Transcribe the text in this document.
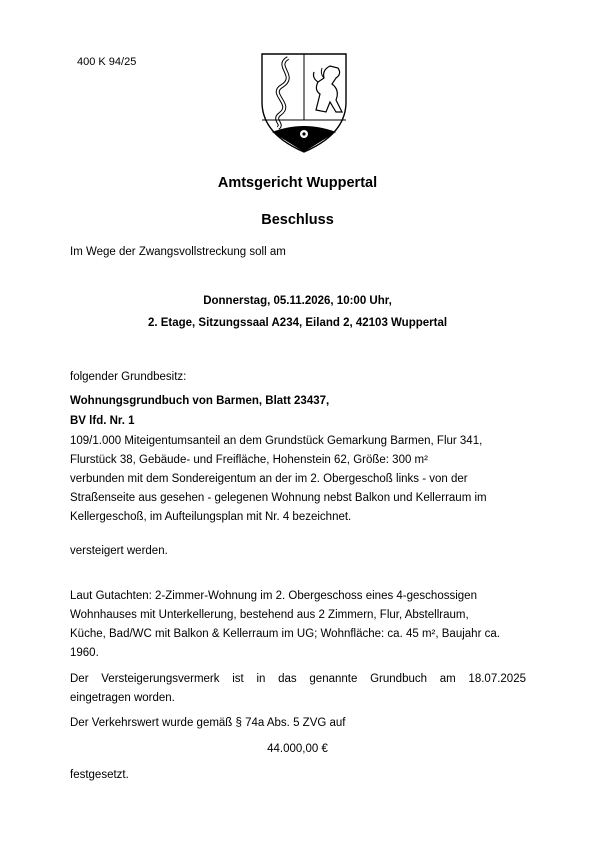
400 K 94/25
Amtsgericht Wuppertal
Beschluss
Im Wege der Zwangsvollstreckung soll am
Donnerstag, 05.11.2026, 10:00 Uhr,
2. Etage, Sitzungssaal A234, Eiland 2, 42103 Wuppertal
folgender Grundbesitz:
Wohnungsgrundbuch von Barmen, Blatt 23437,
BV lfd. Nr. 1
109/1.000 Miteigentumsanteil an dem Grundstück Gemarkung Barmen, Flur 341,
Flurstück 38, Gebäude- und Freifläche, Hohenstein 62, Größe: 300 m²
verbunden mit dem Sondereigentum an der im 2. Obergeschoß links - von der
Straßenseite aus gesehen - gelegenen Wohnung nebst Balkon und Kellerraum im
Kellergeschoß, im Aufteilungsplan mit Nr. 4 bezeichnet.
versteigert werden.
Laut Gutachten: 2-Zimmer-Wohnung im 2. Obergeschoss eines 4-geschossigen
Wohnhauses mit Unterkellerung, bestehend aus 2 Zimmern, Flur, Abstellraum,
Küche, Bad/WC mit Balkon & Kellerraum im UG; Wohnfläche: ca. 45 m², Baujahr ca.
1960.
Der Versteigerungsvermerk ist in das genannte Grundbuch am 18.07.2025
eingetragen worden.
Der Verkehrswert wurde gemäß § 74a Abs. 5 ZVG auf
44.000,00 €
festgesetzt.
